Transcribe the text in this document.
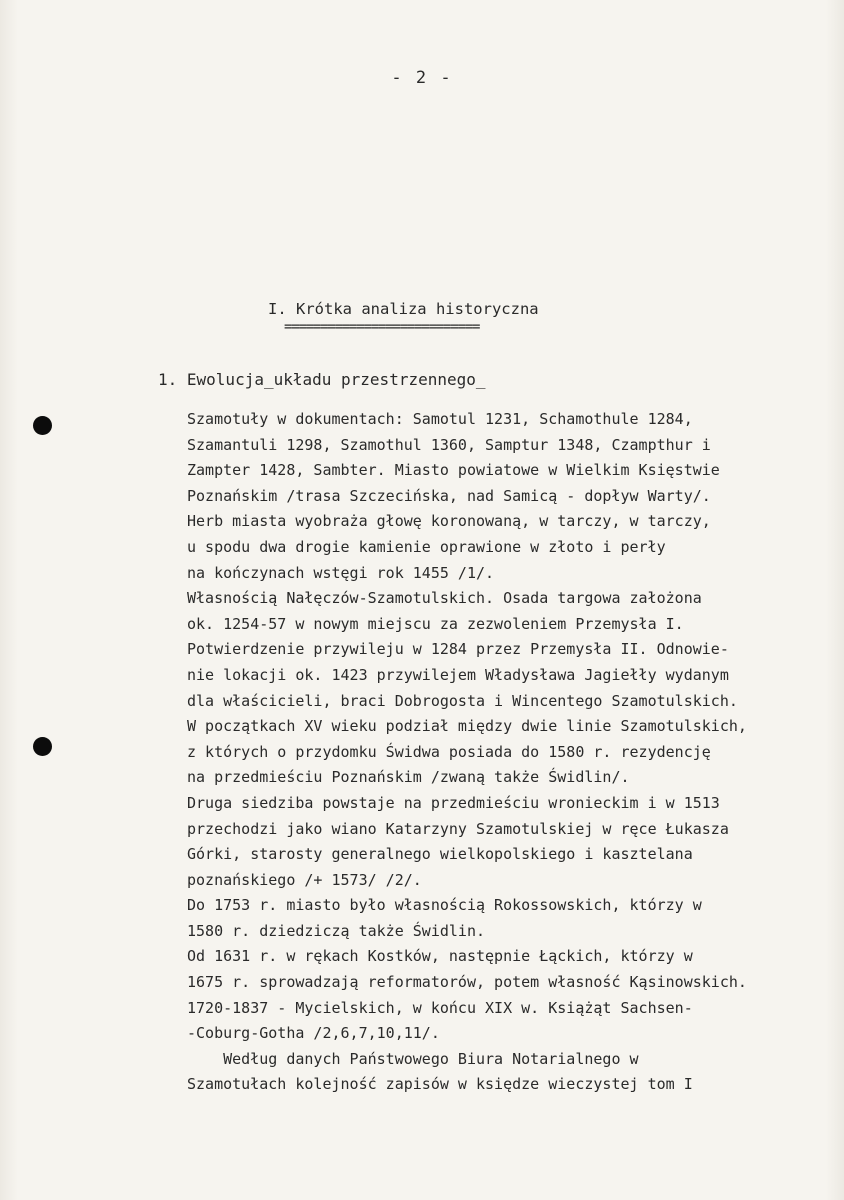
- 2 -
I. Krótka analiza historyczna
===========================
1. Ewolucja_układu przestrzennego_
Szamotuły w dokumentach: Samotul 1231, Schamothule 1284,
Szamantuli 1298, Szamothul 1360, Samptur 1348, Czampthur i
Zampter 1428, Sambter. Miasto powiatowe w Wielkim Księstwie
Poznańskim /trasa Szczecińska, nad Samicą - dopływ Warty/.
Herb miasta wyobraża głowę koronowaną, w tarczy, w tarczy,
u spodu dwa drogie kamienie oprawione w złoto i perły
na kończynach wstęgi rok 1455 /1/.
Własnością Nałęczów-Szamotulskich. Osada targowa założona
ok. 1254-57 w nowym miejscu za zezwoleniem Przemysła I.
Potwierdzenie przywileju w 1284 przez Przemysła II. Odnowie-
nie lokacji ok. 1423 przywilejem Władysława Jagiełły wydanym
dla właścicieli, braci Dobrogosta i Wincentego Szamotulskich.
W początkach XV wieku podział między dwie linie Szamotulskich,
z których o przydomku Świdwa posiada do 1580 r. rezydencję
na przedmieściu Poznańskim /zwaną także Świdlin/.
Druga siedziba powstaje na przedmieściu wronieckim i w 1513
przechodzi jako wiano Katarzyny Szamotulskiej w ręce Łukasza
Górki, starosty generalnego wielkopolskiego i kasztelana
poznańskiego /+ 1573/ /2/.
Do 1753 r. miasto było własnością Rokossowskich, którzy w
1580 r. dziedziczą także Świdlin.
Od 1631 r. w rękach Kostków, następnie Łąckich, którzy w
1675 r. sprowadzają reformatorów, potem własność Kąsinowskich.
1720-1837 - Mycielskich, w końcu XIX w. Książąt Sachsen-
-Coburg-Gotha /2,6,7,10,11/.
Według danych Państwowego Biura Notarialnego w
Szamotułach kolejność zapisów w księdze wieczystej tom I
